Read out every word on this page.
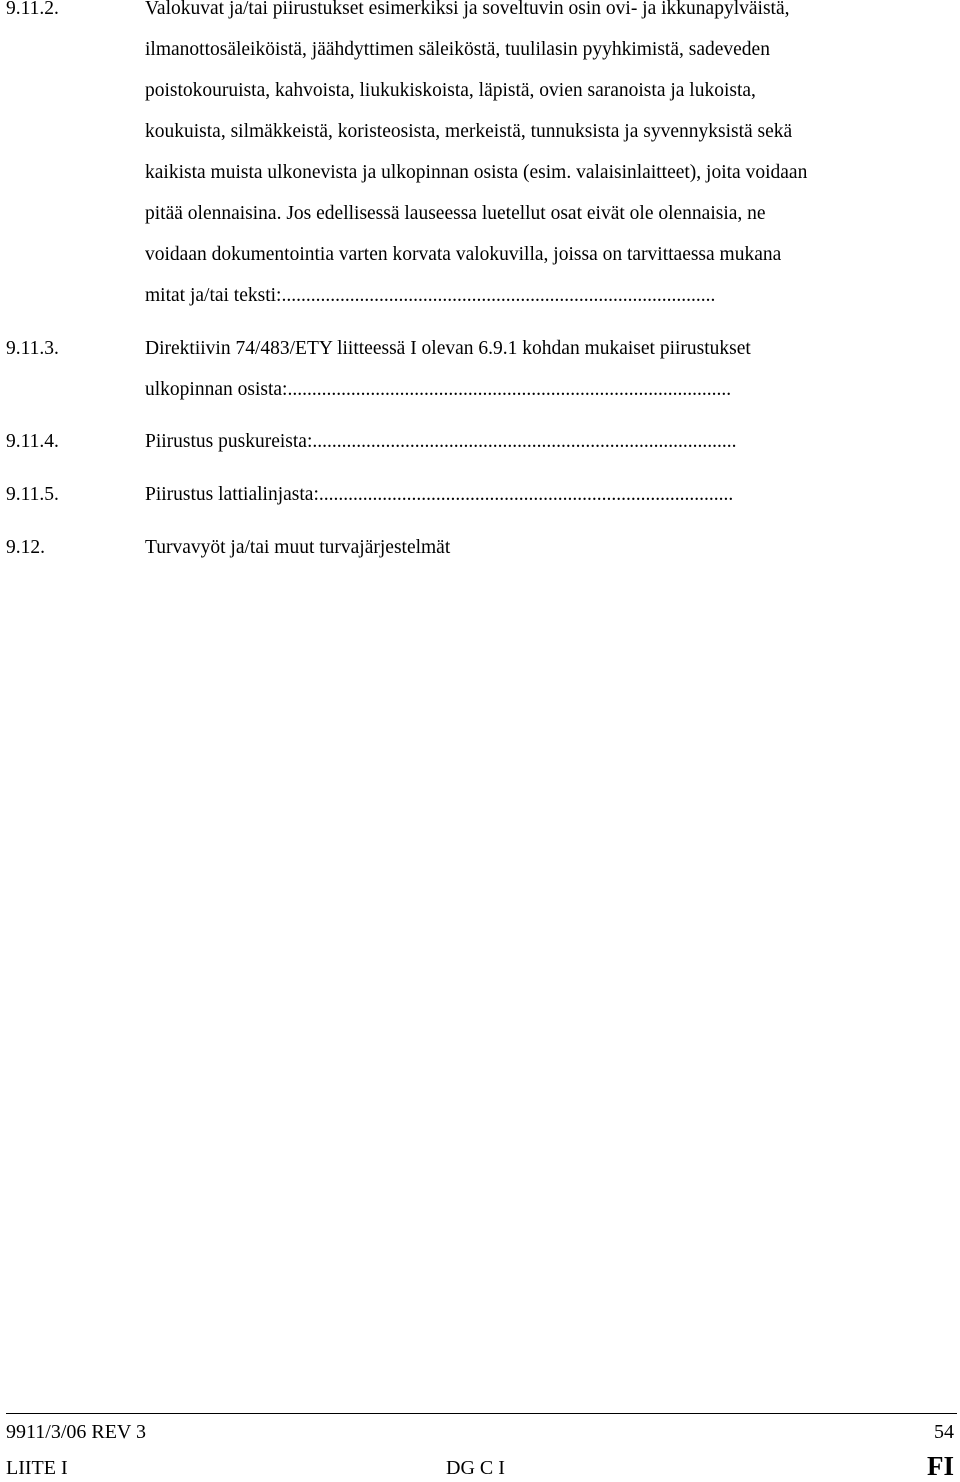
9.11.2.	Valokuvat ja/tai piirustukset esimerkiksi ja soveltuvin osin ovi- ja ikkunapylväistä,
ilmanottosäleiköistä, jäähdyttimen säleiköstä, tuulilasin pyyhkimistä, sadeveden
poistokouruista, kahvoista, liukukiskoista, läpistä, ovien saranoista ja lukoista,
koukuista, silmäkkeistä, koristeosista, merkeistä, tunnuksista ja syvennyksistä sekä
kaikista muista ulkonevista ja ulkopinnan osista (esim. valaisinlaitteet), joita voidaan
pitää olennaisina. Jos edellisessä lauseessa luetellut osat eivät ole olennaisia, ne
voidaan dokumentointia varten korvata valokuvilla, joissa on tarvittaessa mukana
mitat ja/tai teksti:.........................................................................................
9.11.3.	Direktiivin 74/483/ETY liitteessä I olevan 6.9.1 kohdan mukaiset piirustukset
ulkopinnan osista:...........................................................................................
9.11.4.	Piirustus puskureista:.......................................................................................
9.11.5.	Piirustus lattialinjasta:.....................................................................................
9.12.	Turvavyöt ja/tai muut turvajärjestelmät
9911/3/06 REV 3	54
LIITE I	DG C I	FI
